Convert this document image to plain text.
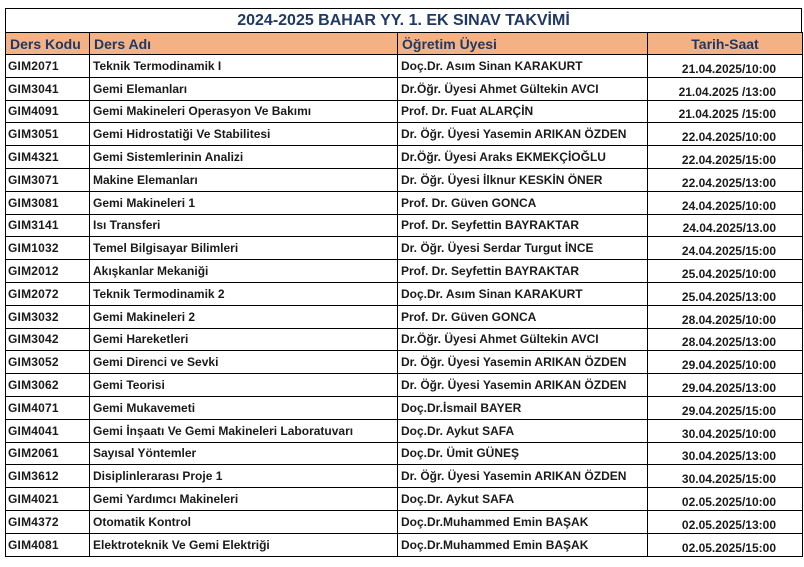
2024-2025 BAHAR YY. 1. EK SINAV TAKVİMİ
Ders Kodu	Ders Adı	Öğretim Üyesi	Tarih-Saat
GIM2071	Teknik Termodinamik I	Doç.Dr. Asım Sinan KARAKURT	21.04.2025/10:00
GIM3041	Gemi Elemanları	Dr.Öğr. Üyesi Ahmet Gültekin AVCI	21.04.2025 /13:00
GIM4091	Gemi Makineleri Operasyon Ve Bakımı	Prof. Dr. Fuat ALARÇİN	21.04.2025 /15:00
GIM3051	Gemi Hidrostatiği Ve Stabilitesi	Dr. Öğr. Üyesi Yasemin ARIKAN ÖZDEN	22.04.2025/10:00
GIM4321	Gemi Sistemlerinin Analizi	Dr.Öğr. Üyesi Araks EKMEKÇİOĞLU	22.04.2025/15:00
GIM3071	Makine Elemanları	Dr. Öğr. Üyesi İlknur KESKİN ÖNER	22.04.2025/13:00
GIM3081	Gemi Makineleri 1	Prof. Dr. Güven GONCA	24.04.2025/10:00
GIM3141	Isı Transferi	Prof. Dr. Seyfettin BAYRAKTAR	24.04.2025/13.00
GIM1032	Temel Bilgisayar Bilimleri	Dr. Öğr. Üyesi Serdar Turgut İNCE	24.04.2025/15:00
GIM2012	Akışkanlar Mekaniği	Prof. Dr. Seyfettin BAYRAKTAR	25.04.2025/10:00
GIM2072	Teknik Termodinamik 2	Doç.Dr. Asım Sinan KARAKURT	25.04.2025/13:00
GIM3032	Gemi Makineleri 2	Prof. Dr. Güven GONCA	28.04.2025/10:00
GIM3042	Gemi Hareketleri	Dr.Öğr. Üyesi Ahmet Gültekin AVCI	28.04.2025/13:00
GIM3052	Gemi Direnci ve Sevki	Dr. Öğr. Üyesi Yasemin ARIKAN ÖZDEN	29.04.2025/10:00
GIM3062	Gemi Teorisi	Dr. Öğr. Üyesi Yasemin ARIKAN ÖZDEN	29.04.2025/13:00
GIM4071	Gemi Mukavemeti	Doç.Dr.İsmail BAYER	29.04.2025/15:00
GIM4041	Gemi İnşaatı Ve Gemi Makineleri Laboratuvarı	Doç.Dr. Aykut SAFA	30.04.2025/10:00
GIM2061	Sayısal Yöntemler	Doç.Dr. Ümit GÜNEŞ	30.04.2025/13:00
GIM3612	Disiplinlerarası Proje 1	Dr. Öğr. Üyesi Yasemin ARIKAN ÖZDEN	30.04.2025/15:00
GIM4021	Gemi Yardımcı Makineleri	Doç.Dr. Aykut SAFA	02.05.2025/10:00
GIM4372	Otomatik Kontrol	Doç.Dr.Muhammed Emin BAŞAK	02.05.2025/13:00
GIM4081	Elektroteknik Ve Gemi Elektriği	Doç.Dr.Muhammed Emin BAŞAK	02.05.2025/15:00
